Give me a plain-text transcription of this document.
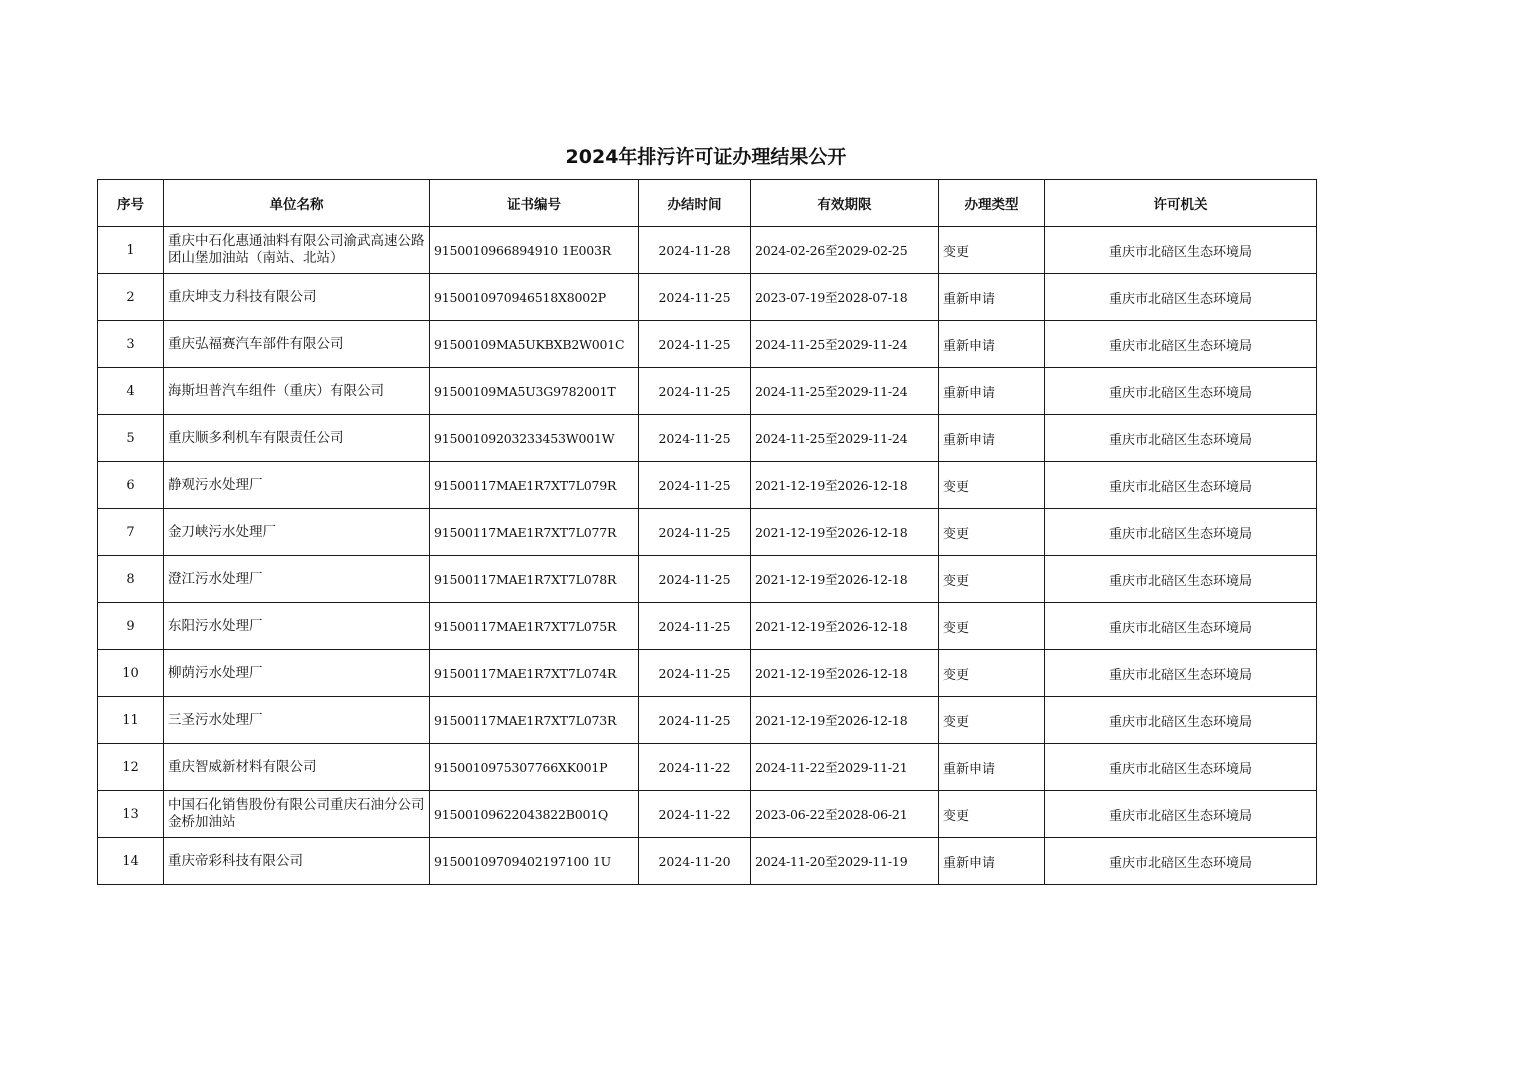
2024年排污许可证办理结果公开
序号	单位名称	证书编号	办结时间	有效期限	办理类型	许可机关
1	重庆中石化惠通油料有限公司渝武高速公路团山堡加油站（南站、北站）	9150010966894910 1E003R	2024-11-28	2024-02-26至2029-02-25	变更	重庆市北碚区生态环境局
2	重庆坤支力科技有限公司	9150010970946518X8002P	2024-11-25	2023-07-19至2028-07-18	重新申请	重庆市北碚区生态环境局
3	重庆弘福赛汽车部件有限公司	91500109MA5UKBXB2W001C	2024-11-25	2024-11-25至2029-11-24	重新申请	重庆市北碚区生态环境局
4	海斯坦普汽车组件（重庆）有限公司	91500109MA5U3G9782001T	2024-11-25	2024-11-25至2029-11-24	重新申请	重庆市北碚区生态环境局
5	重庆顺多利机车有限责任公司	91500109203233453W001W	2024-11-25	2024-11-25至2029-11-24	重新申请	重庆市北碚区生态环境局
6	静观污水处理厂	91500117MAE1R7XT7L079R	2024-11-25	2021-12-19至2026-12-18	变更	重庆市北碚区生态环境局
7	金刀峡污水处理厂	91500117MAE1R7XT7L077R	2024-11-25	2021-12-19至2026-12-18	变更	重庆市北碚区生态环境局
8	澄江污水处理厂	91500117MAE1R7XT7L078R	2024-11-25	2021-12-19至2026-12-18	变更	重庆市北碚区生态环境局
9	东阳污水处理厂	91500117MAE1R7XT7L075R	2024-11-25	2021-12-19至2026-12-18	变更	重庆市北碚区生态环境局
10	柳荫污水处理厂	91500117MAE1R7XT7L074R	2024-11-25	2021-12-19至2026-12-18	变更	重庆市北碚区生态环境局
11	三圣污水处理厂	91500117MAE1R7XT7L073R	2024-11-25	2021-12-19至2026-12-18	变更	重庆市北碚区生态环境局
12	重庆智威新材料有限公司	9150010975307766XK001P	2024-11-22	2024-11-22至2029-11-21	重新申请	重庆市北碚区生态环境局
13	中国石化销售股份有限公司重庆石油分公司金桥加油站	91500109622043822B001Q	2024-11-22	2023-06-22至2028-06-21	变更	重庆市北碚区生态环境局
14	重庆帝彩科技有限公司	91500109709402197100 1U	2024-11-20	2024-11-20至2029-11-19	重新申请	重庆市北碚区生态环境局
